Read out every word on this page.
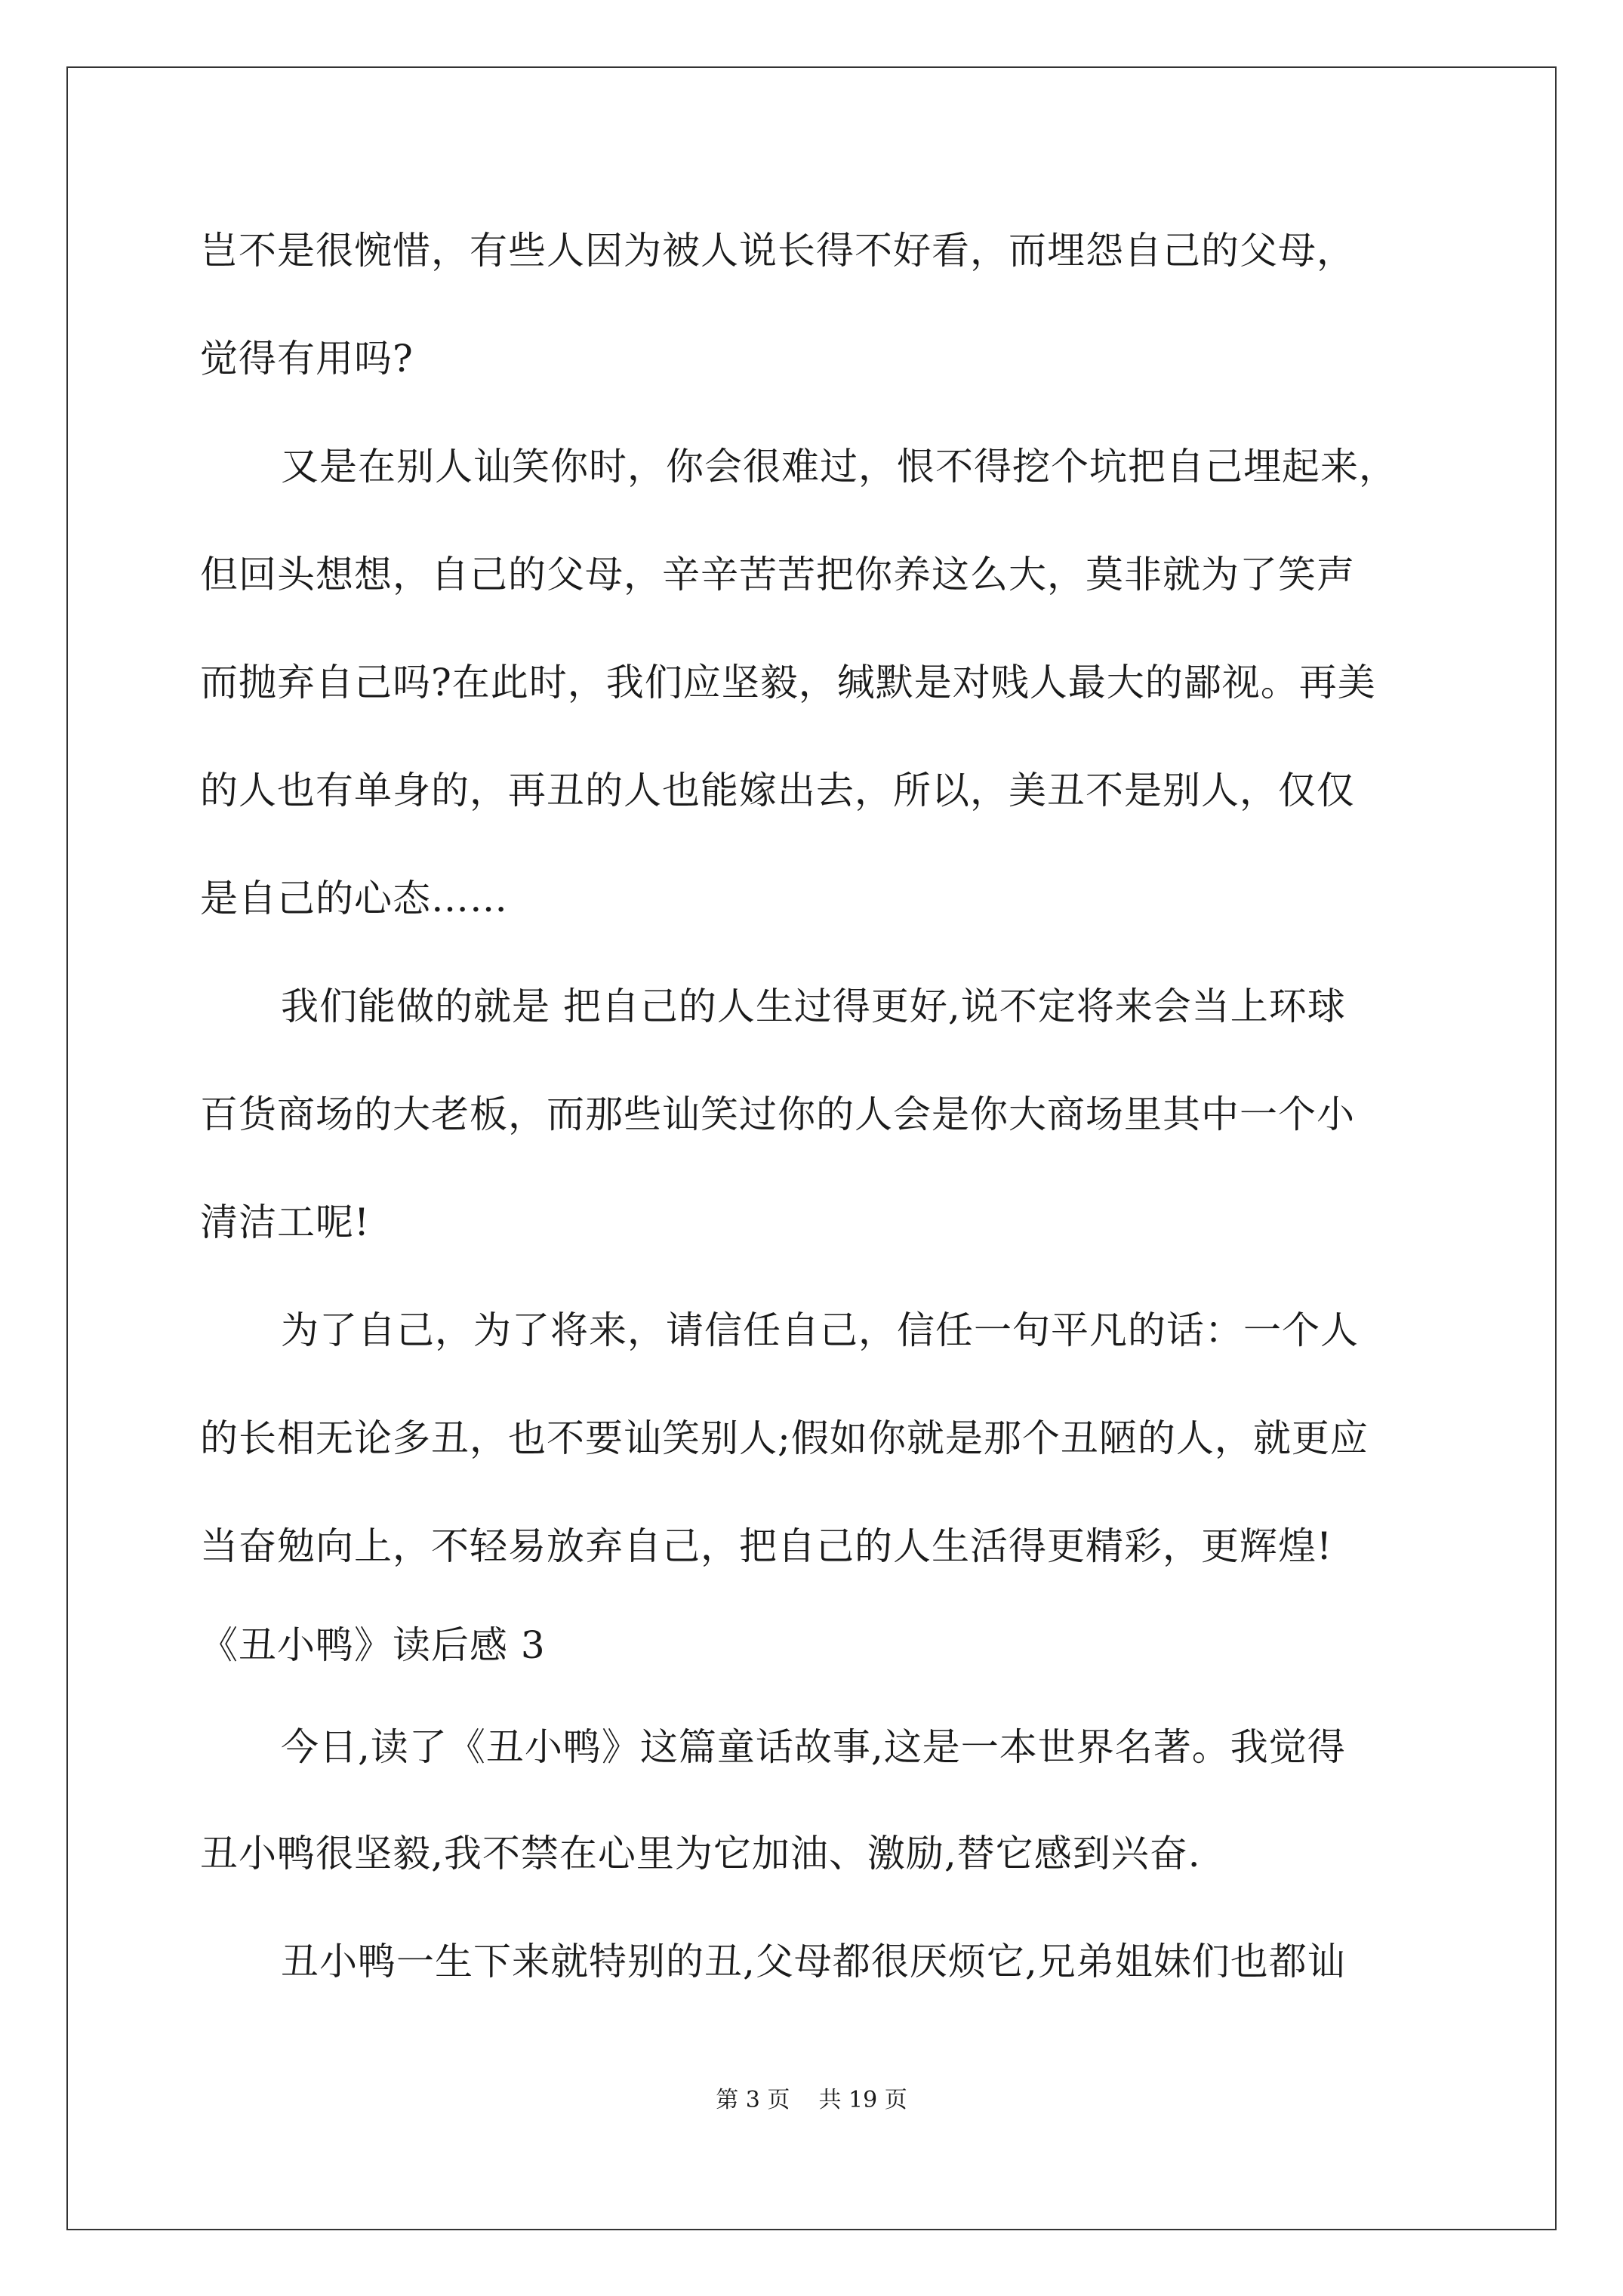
岂不是很惋惜，有些人因为被人说长得不好看，而埋怨自己的父母，
觉得有用吗?
又是在别人讪笑你时，你会很难过，恨不得挖个坑把自己埋起来，
但回头想想，自己的父母，辛辛苦苦把你养这么大，莫非就为了笑声
而抛弃自己吗?在此时，我们应坚毅，缄默是对贱人最大的鄙视。再美
的人也有单身的，再丑的人也能嫁出去，所以，美丑不是别人，仅仅
是自己的心态……
我们能做的就是 把自己的人生过得更好,说不定将来会当上环球
百货商场的大老板，而那些讪笑过你的人会是你大商场里其中一个小
清洁工呢!
为了自己，为了将来，请信任自己，信任一句平凡的话：一个人
的长相无论多丑，也不要讪笑别人;假如你就是那个丑陋的人，就更应
当奋勉向上，不轻易放弃自己，把自己的人生活得更精彩，更辉煌!
《丑小鸭》读后感 3
今日,读了《丑小鸭》这篇童话故事,这是一本世界名著。我觉得
丑小鸭很坚毅,我不禁在心里为它加油、激励,替它感到兴奋.
丑小鸭一生下来就特别的丑,父母都很厌烦它,兄弟姐妹们也都讪
第 3 页    共 19 页
